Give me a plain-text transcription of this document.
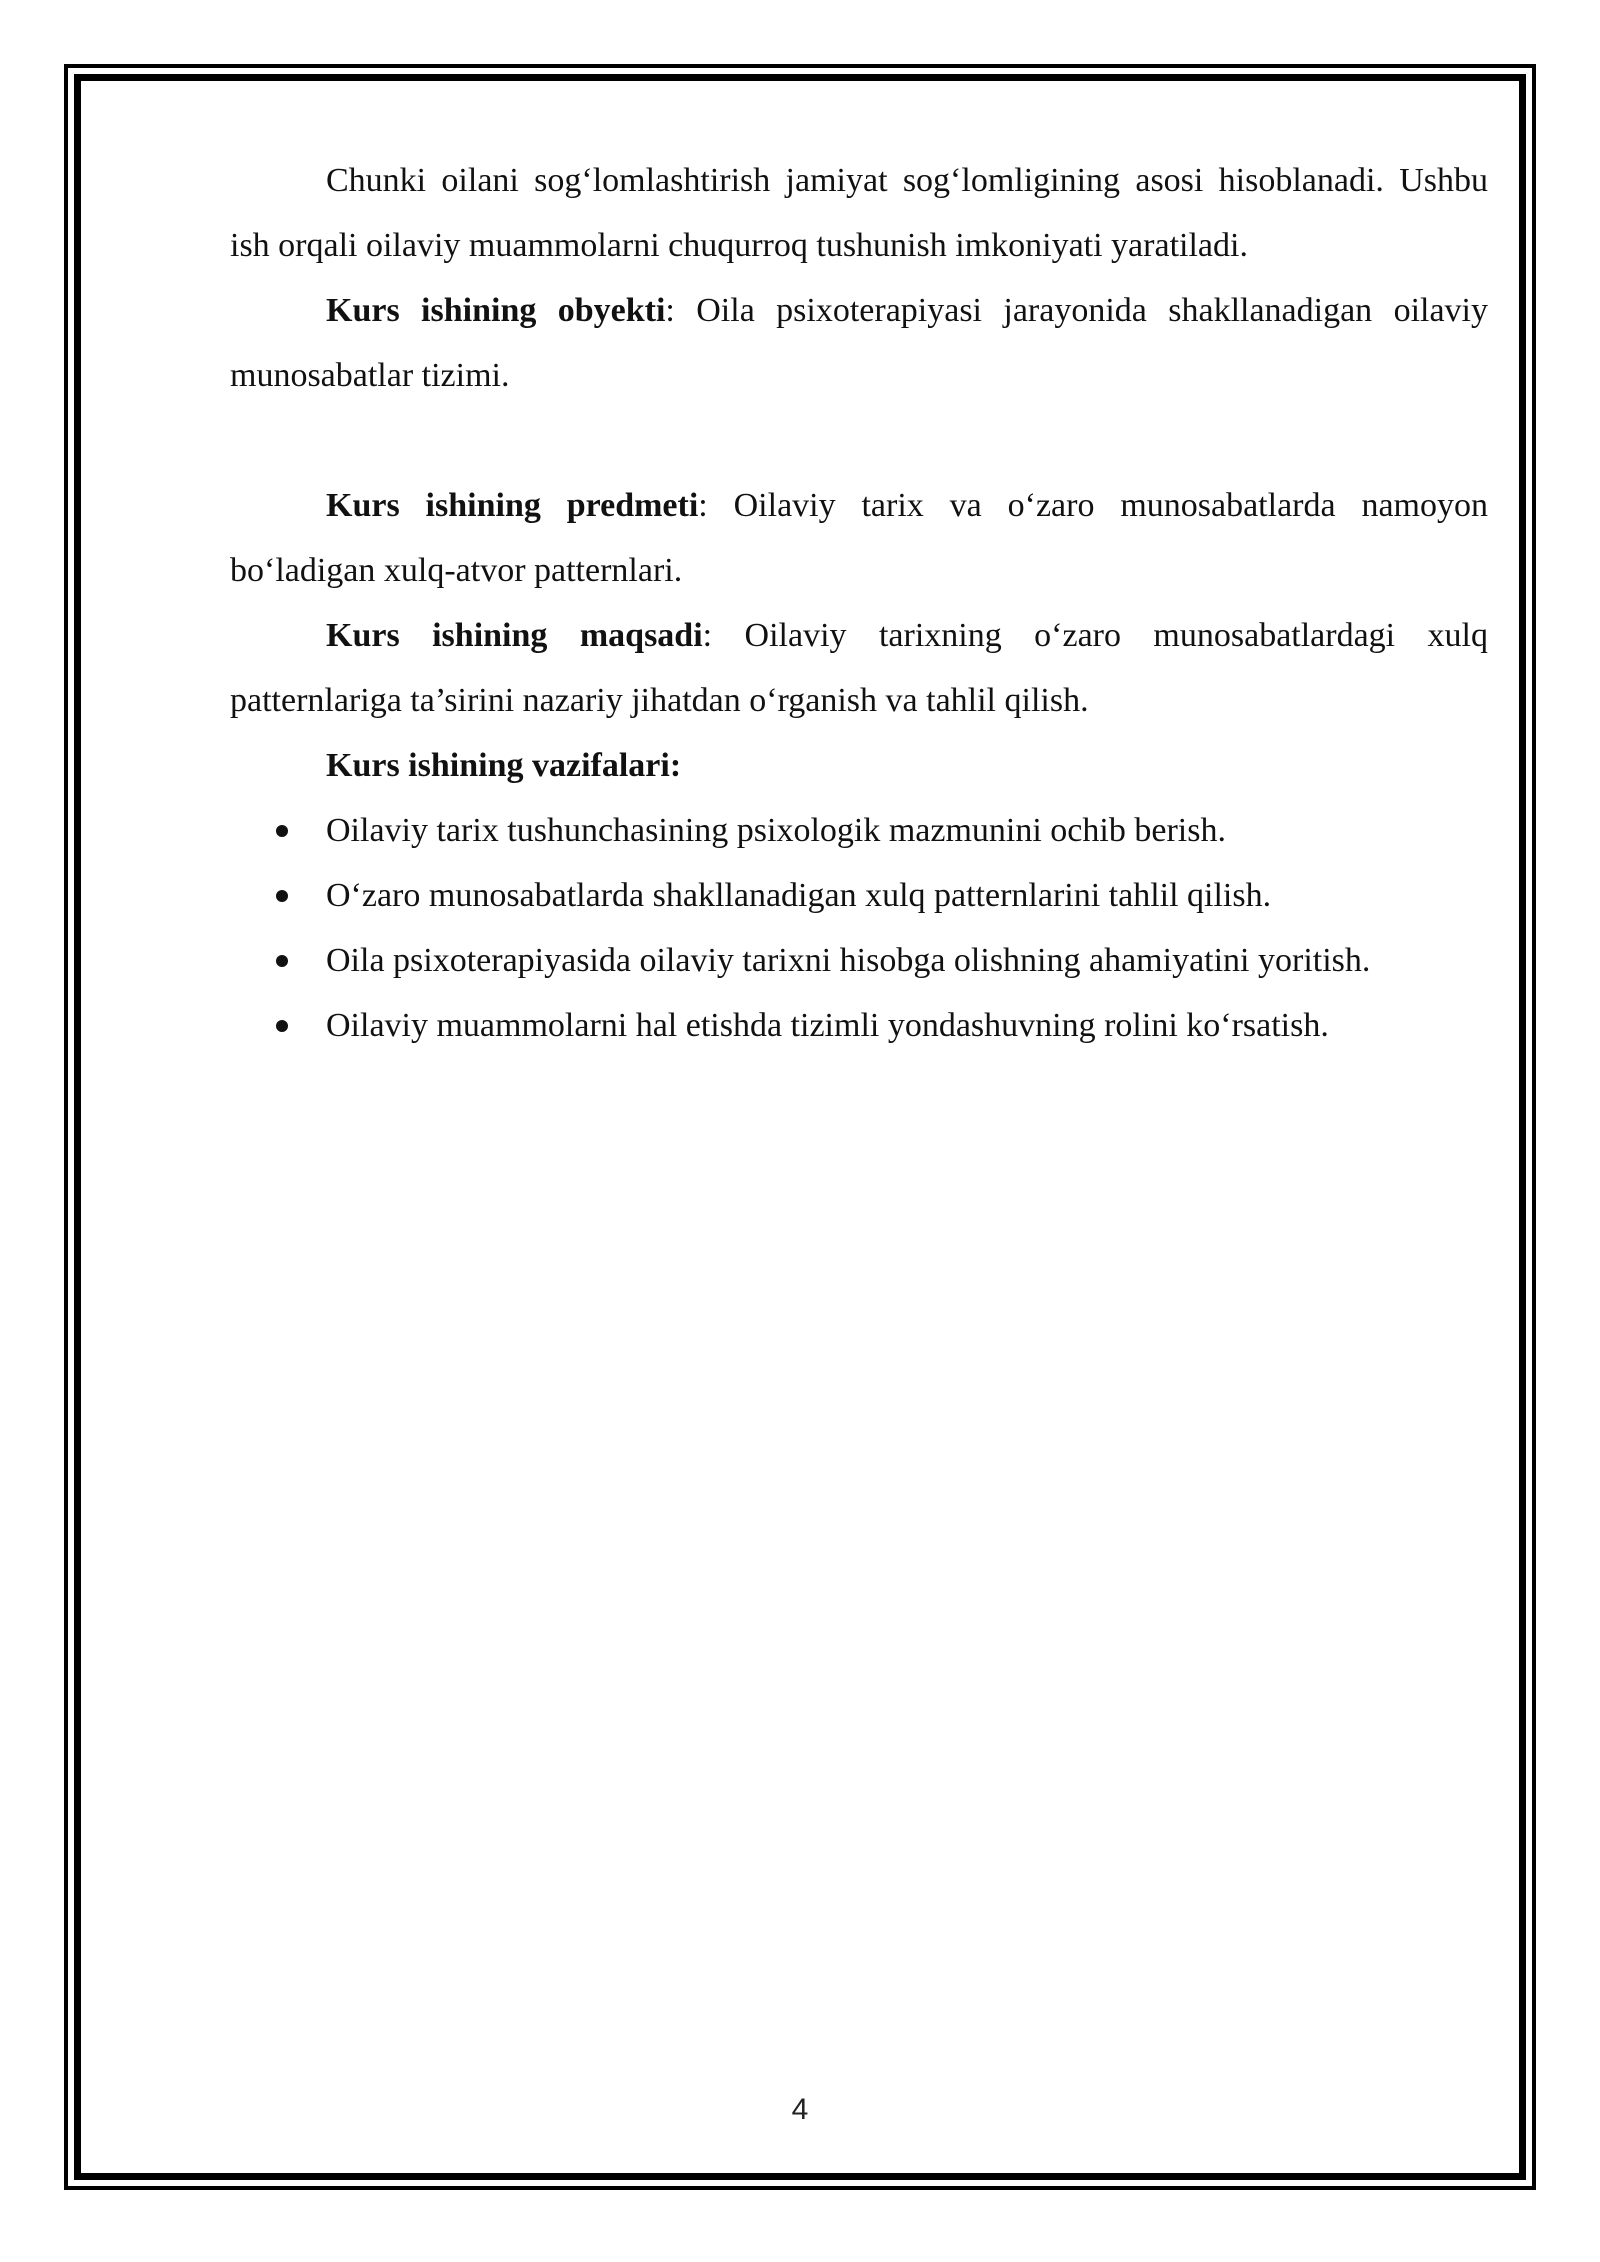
Chunki oilani sog‘lomlashtirish jamiyat sog‘lomligining asosi hisoblanadi. Ushbu ish orqali oilaviy muammolarni chuqurroq tushunish imkoniyati yaratiladi.

Kurs ishining obyekti: Oila psixoterapiyasi jarayonida shakllanadigan oilaviy munosabatlar tizimi.

Kurs ishining predmeti: Oilaviy tarix va o‘zaro munosabatlarda namoyon bo‘ladigan xulq-atvor patternlari.

Kurs ishining maqsadi: Oilaviy tarixning o‘zaro munosabatlardagi xulq patternlariga ta’sirini nazariy jihatdan o‘rganish va tahlil qilish.

Kurs ishining vazifalari:

Oilaviy tarix tushunchasining psixologik mazmunini ochib berish.
O‘zaro munosabatlarda shakllanadigan xulq patternlarini tahlil qilish.
Oila psixoterapiyasida oilaviy tarixni hisobga olishning ahamiyatini yoritish.
Oilaviy muammolarni hal etishda tizimli yondashuvning rolini ko‘rsatish.
4
